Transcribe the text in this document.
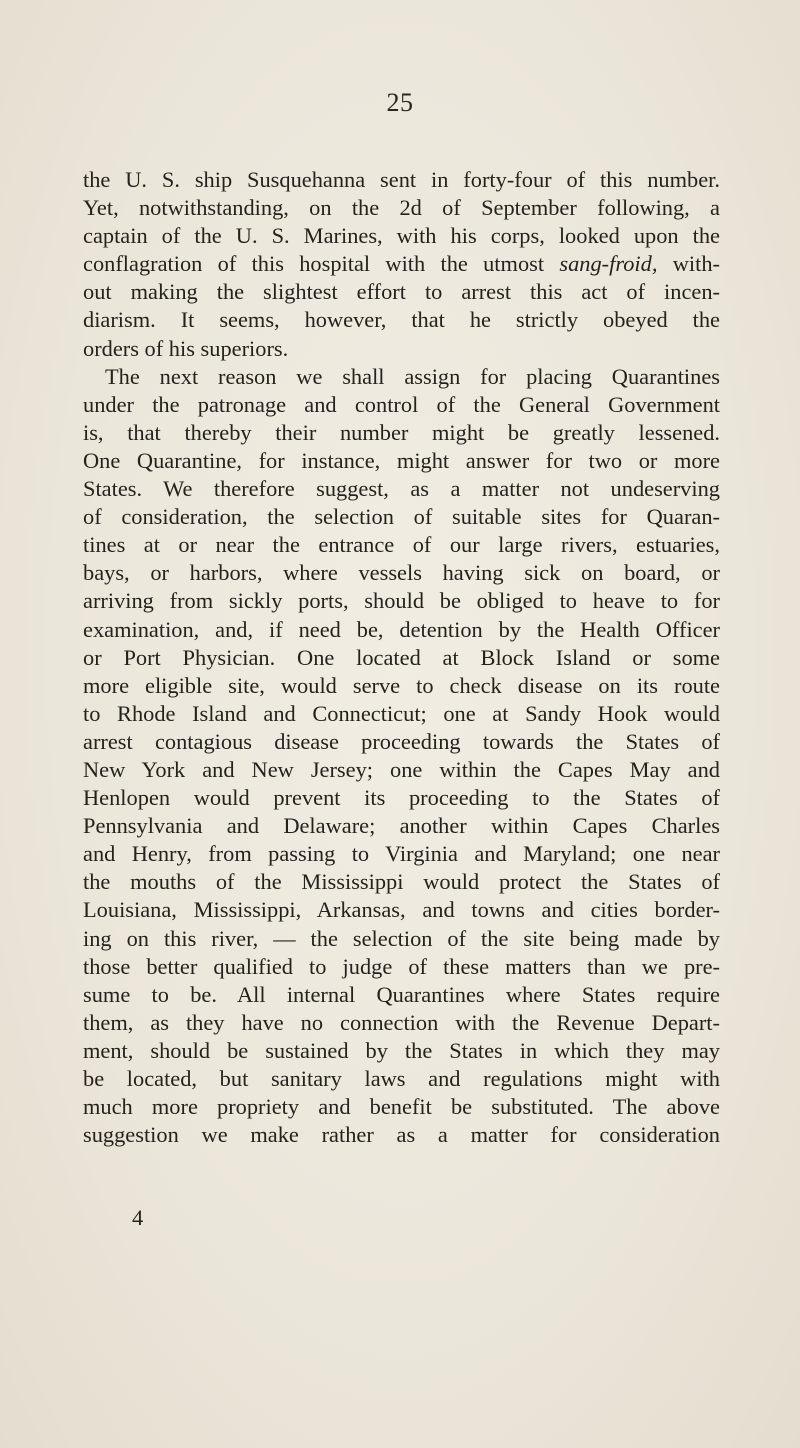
25
the U. S. ship Susquehanna sent in forty-four of this number.
Yet, notwithstanding, on the 2d of September following, a
captain of the U. S. Marines, with his corps, looked upon the
conflagration of this hospital with the utmost sang-froid, with-
out making the slightest effort to arrest this act of incen-
diarism. It seems, however, that he strictly obeyed the
orders of his superiors.
The next reason we shall assign for placing Quarantines
under the patronage and control of the General Government
is, that thereby their number might be greatly lessened.
One Quarantine, for instance, might answer for two or more
States. We therefore suggest, as a matter not undeserving
of consideration, the selection of suitable sites for Quaran-
tines at or near the entrance of our large rivers, estuaries,
bays, or harbors, where vessels having sick on board, or
arriving from sickly ports, should be obliged to heave to for
examination, and, if need be, detention by the Health Officer
or Port Physician. One located at Block Island or some
more eligible site, would serve to check disease on its route
to Rhode Island and Connecticut; one at Sandy Hook would
arrest contagious disease proceeding towards the States of
New York and New Jersey; one within the Capes May and
Henlopen would prevent its proceeding to the States of
Pennsylvania and Delaware; another within Capes Charles
and Henry, from passing to Virginia and Maryland; one near
the mouths of the Mississippi would protect the States of
Louisiana, Mississippi, Arkansas, and towns and cities border-
ing on this river, — the selection of the site being made by
those better qualified to judge of these matters than we pre-
sume to be. All internal Quarantines where States require
them, as they have no connection with the Revenue Depart-
ment, should be sustained by the States in which they may
be located, but sanitary laws and regulations might with
much more propriety and benefit be substituted. The above
suggestion we make rather as a matter for consideration
4
